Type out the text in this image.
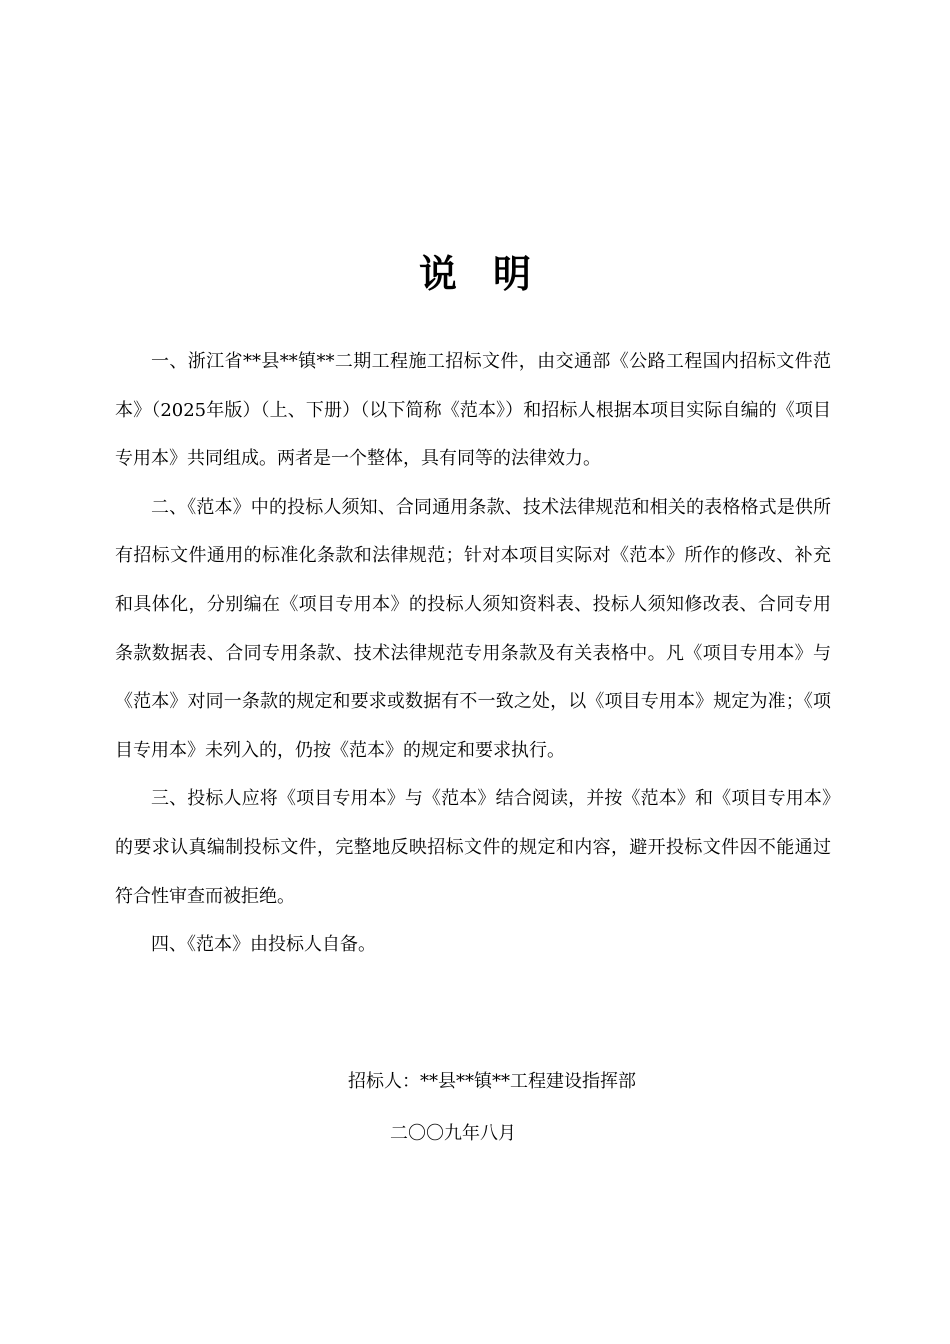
说 明

一、浙江省**县**镇**二期工程施工招标文件，由交通部《公路工程国内招标文件范本》（2025年版）（上、下册）（以下简称《范本》）和招标人根据本项目实际自编的《项目专用本》共同组成。两者是一个整体，具有同等的法律效力。

二、《范本》中的投标人须知、合同通用条款、技术法律规范和相关的表格格式是供所有招标文件通用的标准化条款和法律规范；针对本项目实际对《范本》所作的修改、补充和具体化，分别编在《项目专用本》的投标人须知资料表、投标人须知修改表、合同专用条款数据表、合同专用条款、技术法律规范专用条款及有关表格中。凡《项目专用本》与《范本》对同一条款的规定和要求或数据有不一致之处，以《项目专用本》规定为准；《项目专用本》未列入的，仍按《范本》的规定和要求执行。

三、投标人应将《项目专用本》与《范本》结合阅读，并按《范本》和《项目专用本》的要求认真编制投标文件，完整地反映招标文件的规定和内容，避开投标文件因不能通过符合性审查而被拒绝。

四、《范本》由投标人自备。

招标人：**县**镇**工程建设指挥部
二〇〇九年八月
